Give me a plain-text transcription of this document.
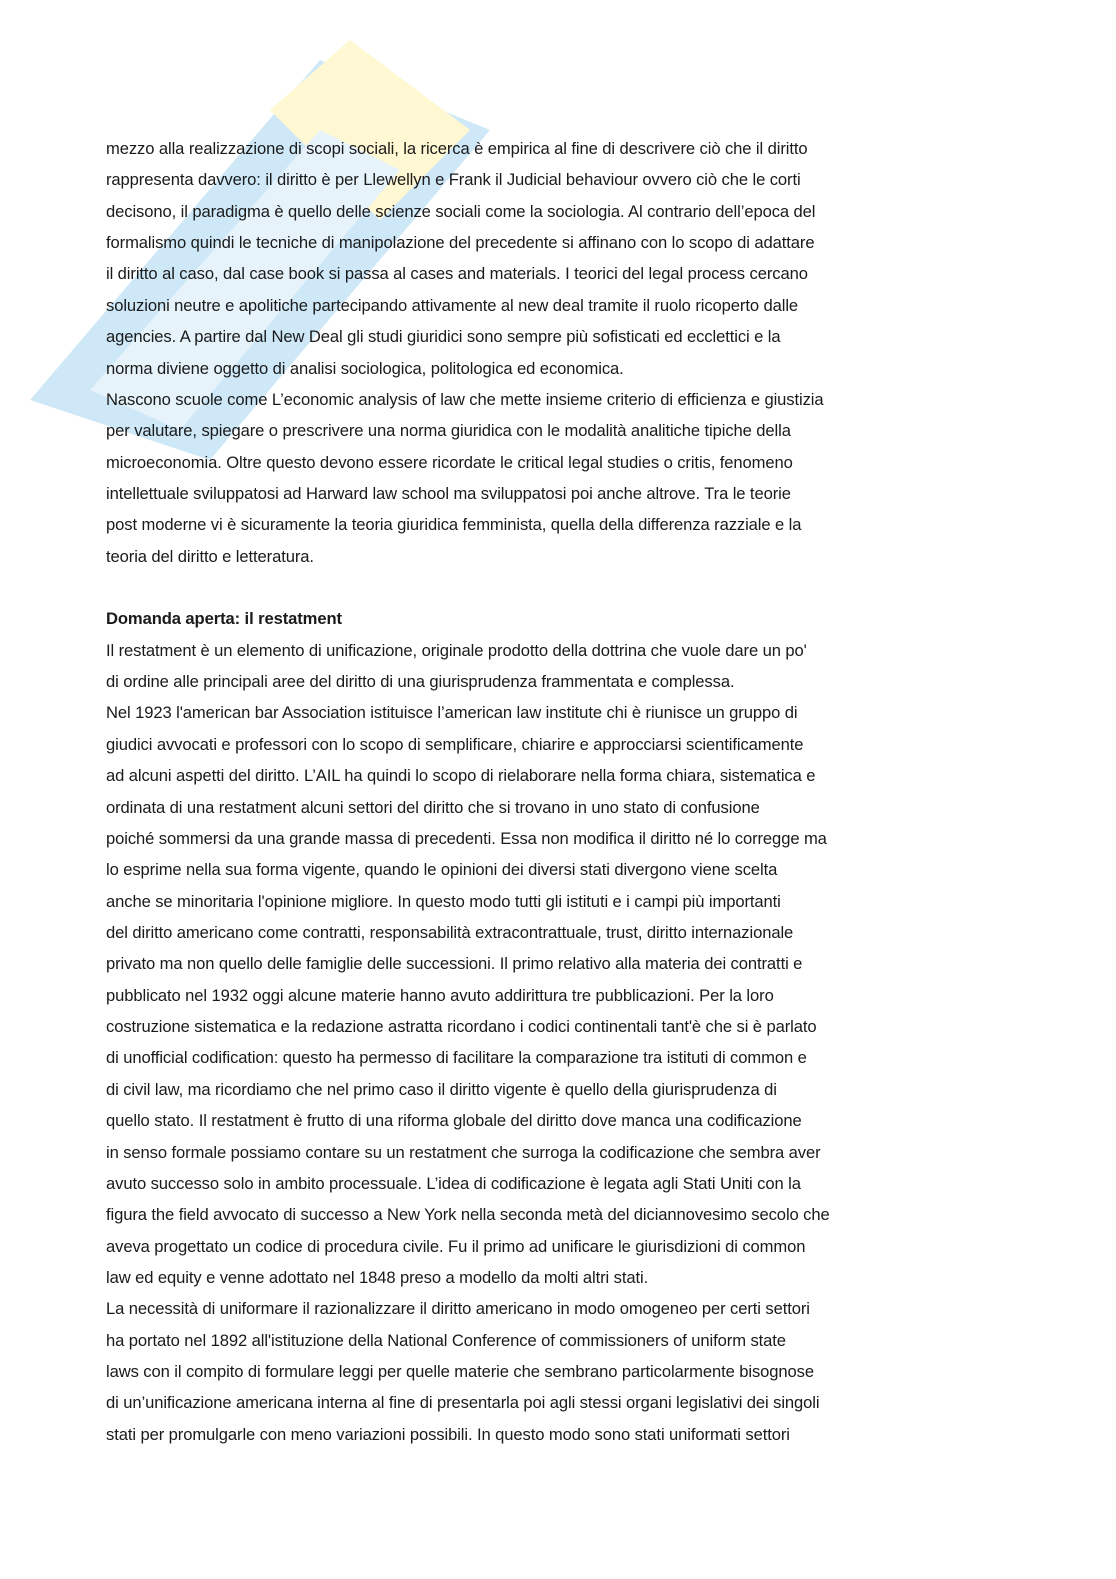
mezzo alla realizzazione di scopi sociali, la ricerca è empirica al fine di descrivere ciò che il diritto
rappresenta davvero: il diritto è per Llewellyn e Frank il Judicial behaviour ovvero ciò che le corti
decisono, il paradigma è quello delle scienze sociali come la sociologia. Al contrario dell’epoca del
formalismo quindi le tecniche di manipolazione del precedente si affinano con lo scopo di adattare
il diritto al caso, dal case book si passa al cases and materials. I teorici del legal process cercano
soluzioni neutre e apolitiche partecipando attivamente al new deal tramite il ruolo ricoperto dalle
agencies. A partire dal New Deal gli studi giuridici sono sempre più sofisticati ed ecclettici e la
norma diviene oggetto di analisi sociologica, politologica ed economica.
Nascono scuole come L’economic analysis of law che mette insieme criterio di efficienza e giustizia
per valutare, spiegare o prescrivere una norma giuridica con le modalità analitiche tipiche della
microeconomia. Oltre questo devono essere ricordate le critical legal studies o critis, fenomeno
intellettuale sviluppatosi ad Harward law school ma sviluppatosi poi anche altrove. Tra le teorie
post moderne vi è sicuramente la teoria giuridica femminista, quella della differenza razziale e la
teoria del diritto e letteratura.
Domanda aperta: il restatment
Il restatment è un elemento di unificazione, originale prodotto della dottrina che vuole dare un po'
di ordine alle principali aree del diritto di una giurisprudenza frammentata e complessa.
Nel 1923 l'american bar Association istituisce l’american law institute chi è riunisce un gruppo di
giudici avvocati e professori con lo scopo di semplificare, chiarire e approcciarsi scientificamente
ad alcuni aspetti del diritto. L’AIL ha quindi lo scopo di rielaborare nella forma chiara, sistematica e
ordinata di una restatment alcuni settori del diritto che si trovano in uno stato di confusione
poiché sommersi da una grande massa di precedenti. Essa non modifica il diritto né lo corregge ma
lo esprime nella sua forma vigente, quando le opinioni dei diversi stati divergono viene scelta
anche se minoritaria l'opinione migliore. In questo modo tutti gli istituti e i campi più importanti
del diritto americano come contratti, responsabilità extracontrattuale, trust, diritto internazionale
privato ma non quello delle famiglie delle successioni. Il primo relativo alla materia dei contratti e
pubblicato nel 1932 oggi alcune materie hanno avuto addirittura tre pubblicazioni. Per la loro
costruzione sistematica e la redazione astratta ricordano i codici continentali tant'è che si è parlato
di unofficial codification: questo ha permesso di facilitare la comparazione tra istituti di common e
di civil law, ma ricordiamo che nel primo caso il diritto vigente è quello della giurisprudenza di
quello stato. Il restatment è frutto di una riforma globale del diritto dove manca una codificazione
in senso formale possiamo contare su un restatment che surroga la codificazione che sembra aver
avuto successo solo in ambito processuale. L’idea di codificazione è legata agli Stati Uniti con la
figura the field avvocato di successo a New York nella seconda metà del diciannovesimo secolo che
aveva progettato un codice di procedura civile. Fu il primo ad unificare le giurisdizioni di common
law ed equity e venne adottato nel 1848 preso a modello da molti altri stati.
La necessità di uniformare il razionalizzare il diritto americano in modo omogeneo per certi settori
ha portato nel 1892 all'istituzione della National Conference of commissioners of uniform state
laws con il compito di formulare leggi per quelle materie che sembrano particolarmente bisognose
di un’unificazione americana interna al fine di presentarla poi agli stessi organi legislativi dei singoli
stati per promulgarle con meno variazioni possibili. In questo modo sono stati uniformati settori
